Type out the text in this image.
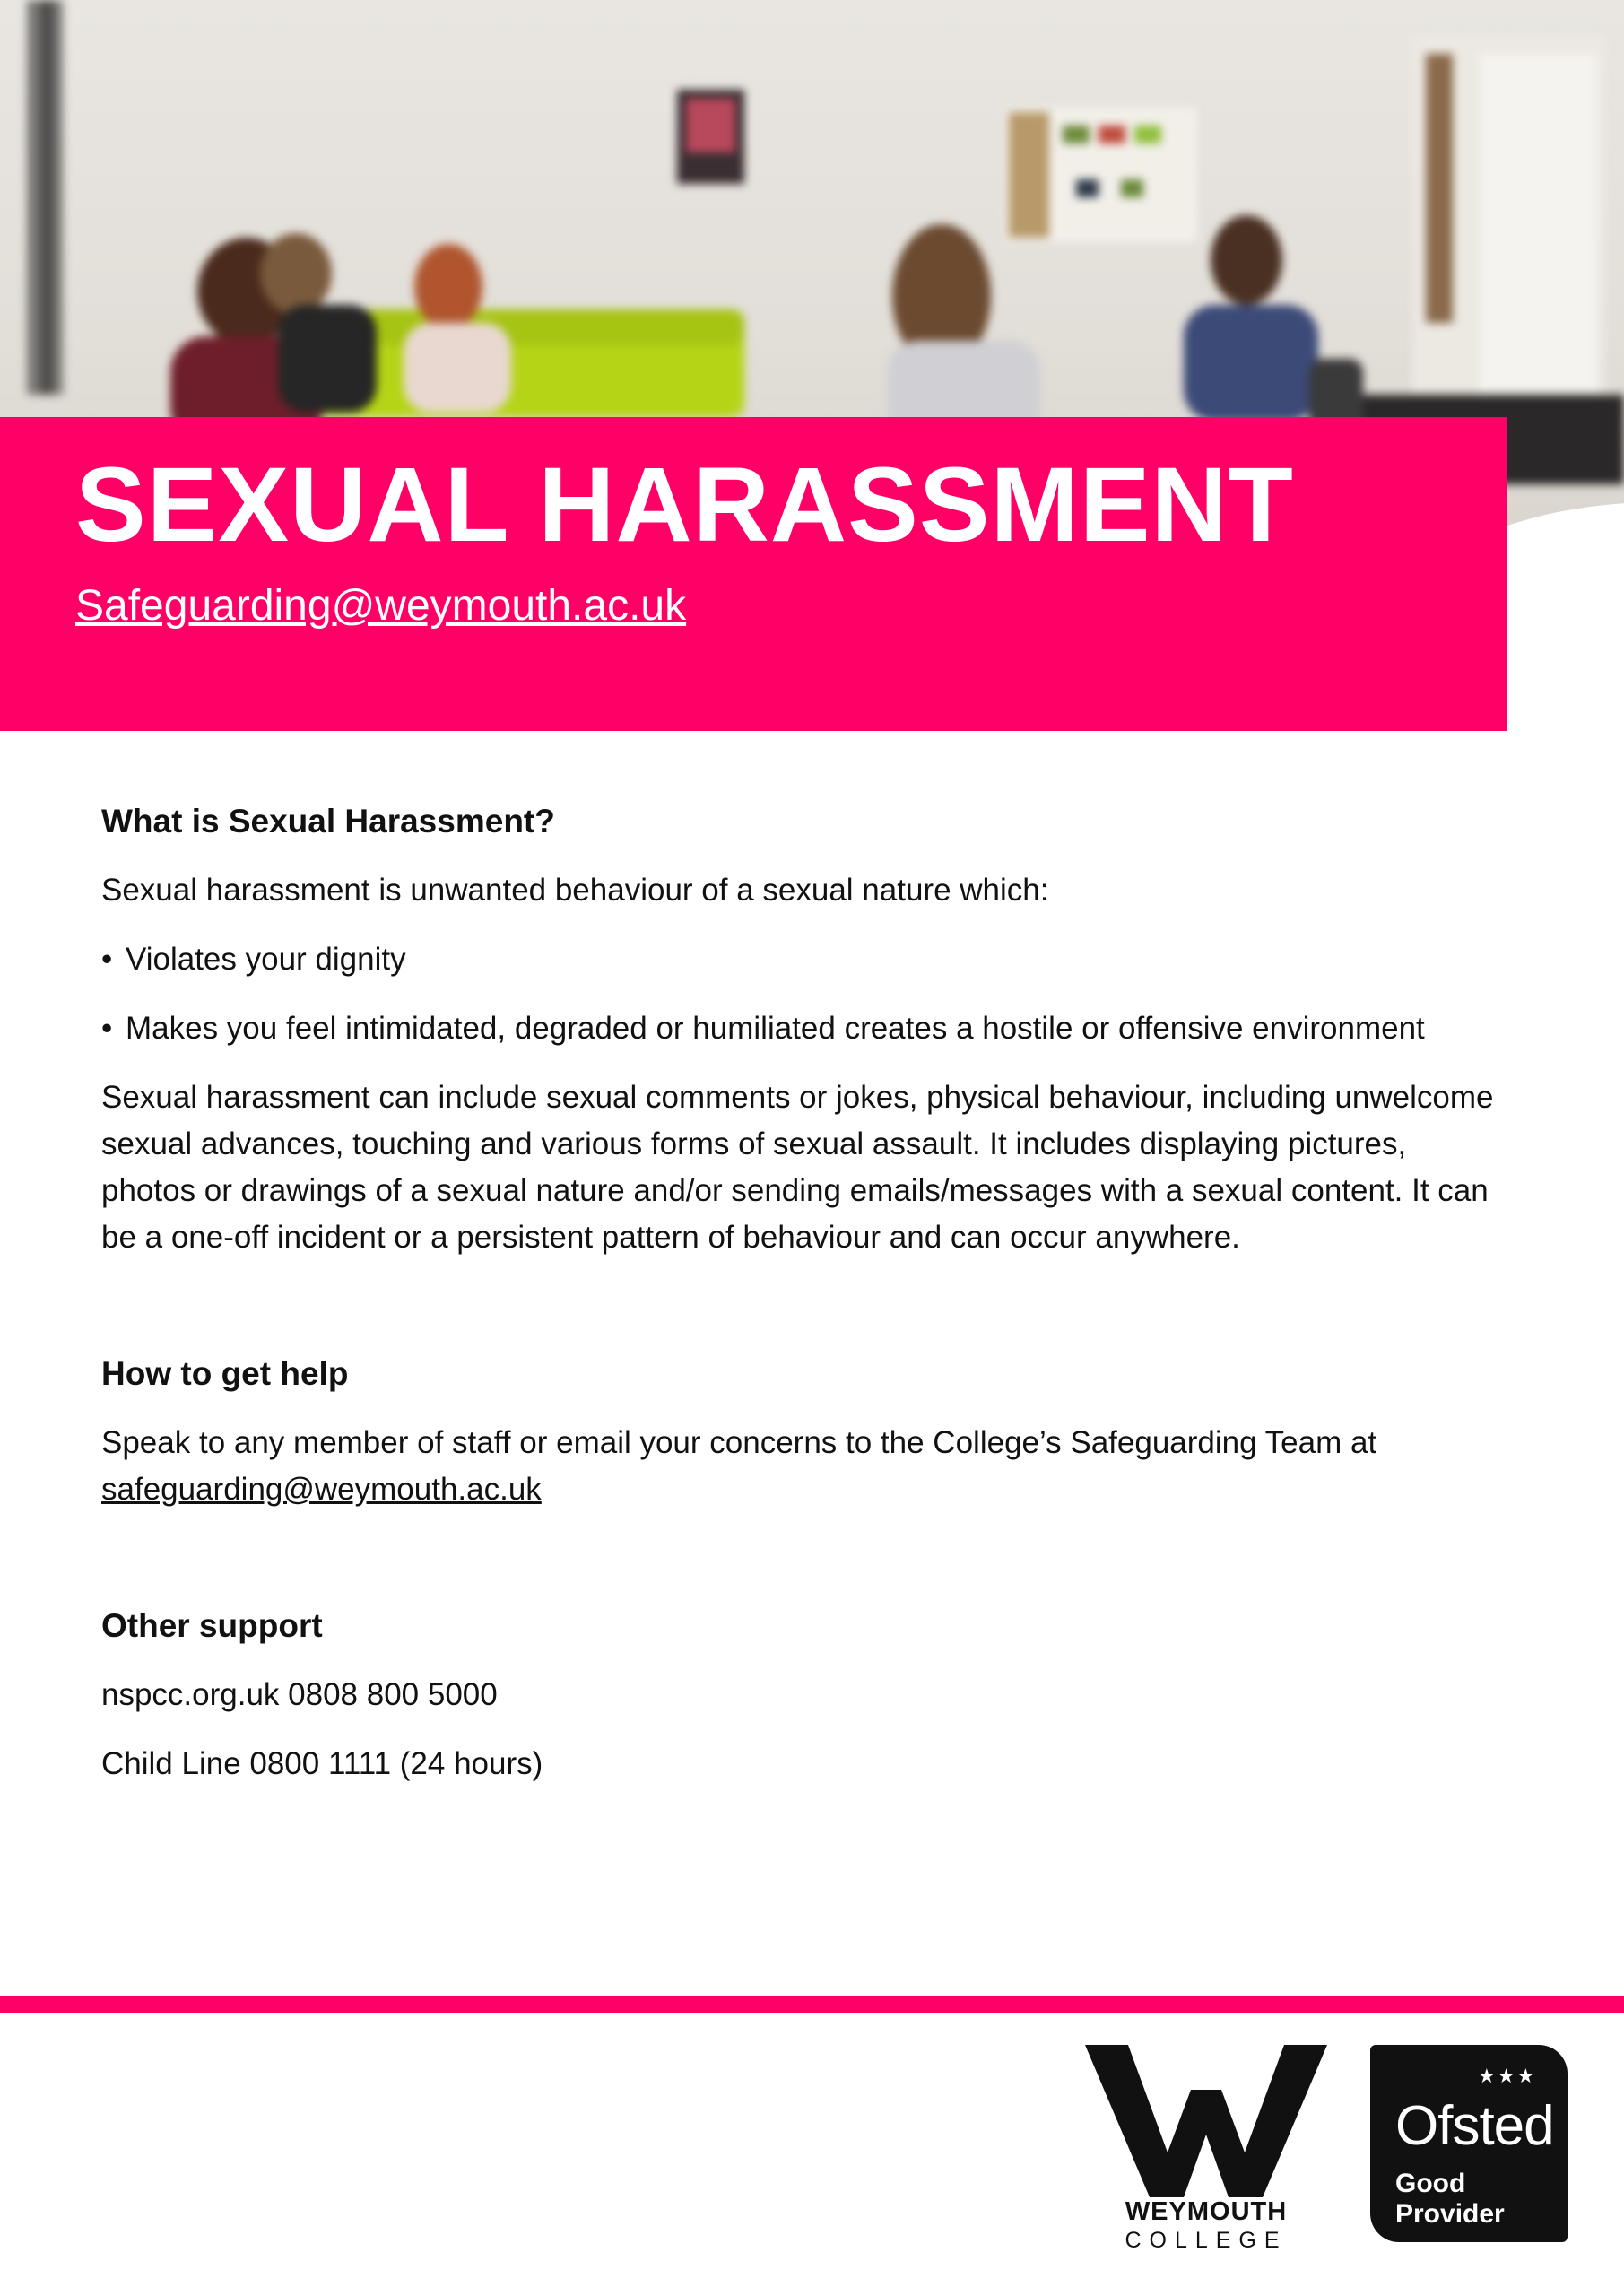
SEXUAL HARASSMENT
Safeguarding@weymouth.ac.uk
What is Sexual Harassment?

Sexual harassment is unwanted behaviour of a sexual nature which:

• Violates your dignity
• Makes you feel intimidated, degraded or humiliated creates a hostile or offensive environment

Sexual harassment can include sexual comments or jokes, physical behaviour, including unwelcome sexual advances, touching and various forms of sexual assault. It includes displaying pictures, photos or drawings of a sexual nature and/or sending emails/messages with a sexual content. It can be a one-off incident or a persistent pattern of behaviour and can occur anywhere.

How to get help

Speak to any member of staff or email your concerns to the College’s Safeguarding Team at
safeguarding@weymouth.ac.uk

Other support

nspcc.org.uk 0808 800 5000

Child Line 0800 1111 (24 hours)

WEYMOUTH
COLLEGE
★★★
Ofsted
Good Provider
